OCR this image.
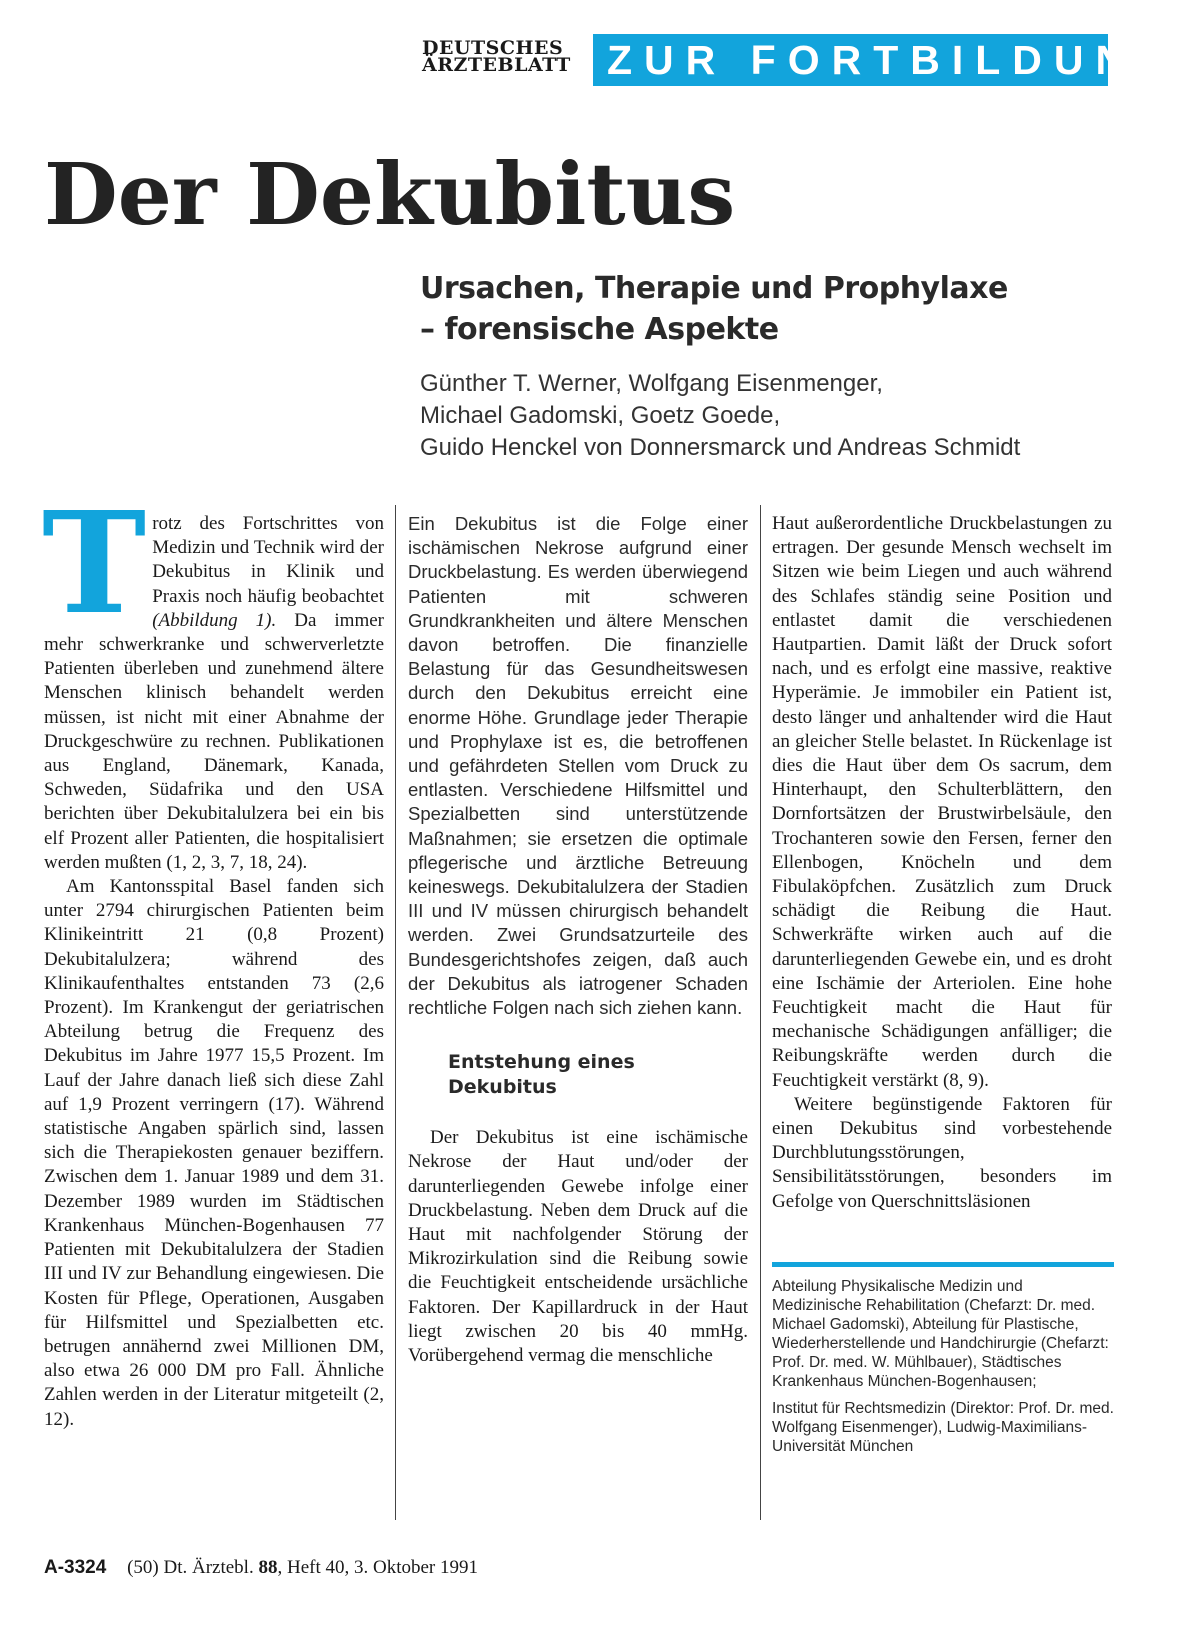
DEUTSCHES
ÄRZTEBLATT ZUR FORTBILDUNG
Der Dekubitus
Ursachen, Therapie und Prophylaxe
– forensische Aspekte
Günther T. Werner, Wolfgang Eisenmenger,
Michael Gadomski, Goetz Goede,
Guido Henckel von Donnersmarck und Andreas Schmidt

Trotz des Fortschrittes von Medizin und Technik wird der Dekubitus in Klinik und Praxis noch häufig beobachtet (Abbildung 1). Da immer mehr schwerkranke und schwerverletzte Patienten überleben und zunehmend ältere Menschen klinisch behandelt werden müssen, ist nicht mit einer Abnahme der Druckgeschwüre zu rechnen. Publikationen aus England, Dänemark, Kanada, Schweden, Südafrika und den USA berichten über Dekubitalulzera bei ein bis elf Prozent aller Patienten, die hospitalisiert werden mußten (1, 2, 3, 7, 18, 24).

Am Kantonsspital Basel fanden sich unter 2794 chirurgischen Patienten beim Klinikeintritt 21 (0,8 Prozent) Dekubitalulzera; während des Klinikaufenthaltes entstanden 73 (2,6 Prozent). Im Krankengut der geriatrischen Abteilung betrug die Frequenz des Dekubitus im Jahre 1977 15,5 Prozent. Im Lauf der Jahre danach ließ sich diese Zahl auf 1,9 Prozent verringern (17). Während statistische Angaben spärlich sind, lassen sich die Therapiekosten genauer beziffern. Zwischen dem 1. Januar 1989 und dem 31. Dezember 1989 wurden im Städtischen Krankenhaus München-Bogenhausen 77 Patienten mit Dekubitalulzera der Stadien III und IV zur Behandlung eingewiesen. Die Kosten für Pflege, Operationen, Ausgaben für Hilfsmittel und Spezialbetten etc. betrugen annähernd zwei Millionen DM, also etwa 26 000 DM pro Fall. Ähnliche Zahlen werden in der Literatur mitgeteilt (2, 12).

Ein Dekubitus ist die Folge einer ischämischen Nekrose aufgrund einer Druckbelastung. Es werden überwiegend Patienten mit schweren Grundkrankheiten und ältere Menschen davon betroffen. Die finanzielle Belastung für das Gesundheitswesen durch den Dekubitus erreicht eine enorme Höhe. Grundlage jeder Therapie und Prophylaxe ist es, die betroffenen und gefährdeten Stellen vom Druck zu entlasten. Verschiedene Hilfsmittel und Spezialbetten sind unterstützende Maßnahmen; sie ersetzen die optimale pflegerische und ärztliche Betreuung keineswegs. Dekubitalulzera der Stadien III und IV müssen chirurgisch behandelt werden. Zwei Grundsatzurteile des Bundesgerichtshofes zeigen, daß auch der Dekubitus als iatrogener Schaden rechtliche Folgen nach sich ziehen kann.

Entstehung eines
Dekubitus

Der Dekubitus ist eine ischämische Nekrose der Haut und/oder der darunterliegenden Gewebe infolge einer Druckbelastung. Neben dem Druck auf die Haut mit nachfolgender Störung der Mikrozirkulation sind die Reibung sowie die Feuchtigkeit entscheidende ursächliche Faktoren. Der Kapillardruck in der Haut liegt zwischen 20 bis 40 mmHg. Vorübergehend vermag die menschliche

Haut außerordentliche Druckbelastungen zu ertragen. Der gesunde Mensch wechselt im Sitzen wie beim Liegen und auch während des Schlafes ständig seine Position und entlastet damit die verschiedenen Hautpartien. Damit läßt der Druck sofort nach, und es erfolgt eine massive, reaktive Hyperämie. Je immobiler ein Patient ist, desto länger und anhaltender wird die Haut an gleicher Stelle belastet. In Rückenlage ist dies die Haut über dem Os sacrum, dem Hinterhaupt, den Schulterblättern, den Dornfortsätzen der Brustwirbelsäule, den Trochanteren sowie den Fersen, ferner den Ellenbogen, Knöcheln und dem Fibulaköpfchen. Zusätzlich zum Druck schädigt die Reibung die Haut. Schwerkräfte wirken auch auf die darunterliegenden Gewebe ein, und es droht eine Ischämie der Arteriolen. Eine hohe Feuchtigkeit macht die Haut für mechanische Schädigungen anfälliger; die Reibungskräfte werden durch die Feuchtigkeit verstärkt (8, 9).

Weitere begünstigende Faktoren für einen Dekubitus sind vorbestehende Durchblutungsstörungen, Sensibilitätsstörungen, besonders im Gefolge von Querschnittsläsionen

Abteilung Physikalische Medizin und Medizinische Rehabilitation (Chefarzt: Dr. med. Michael Gadomski), Abteilung für Plastische, Wiederherstellende und Handchirurgie (Chefarzt: Prof. Dr. med. W. Mühlbauer), Städtisches Krankenhaus München-Bogenhausen;

Institut für Rechtsmedizin (Direktor: Prof. Dr. med. Wolfgang Eisenmenger), Ludwig-Maximilians-Universität München

A-3324 (50) Dt. Ärztebl. 88, Heft 40, 3. Oktober 1991
